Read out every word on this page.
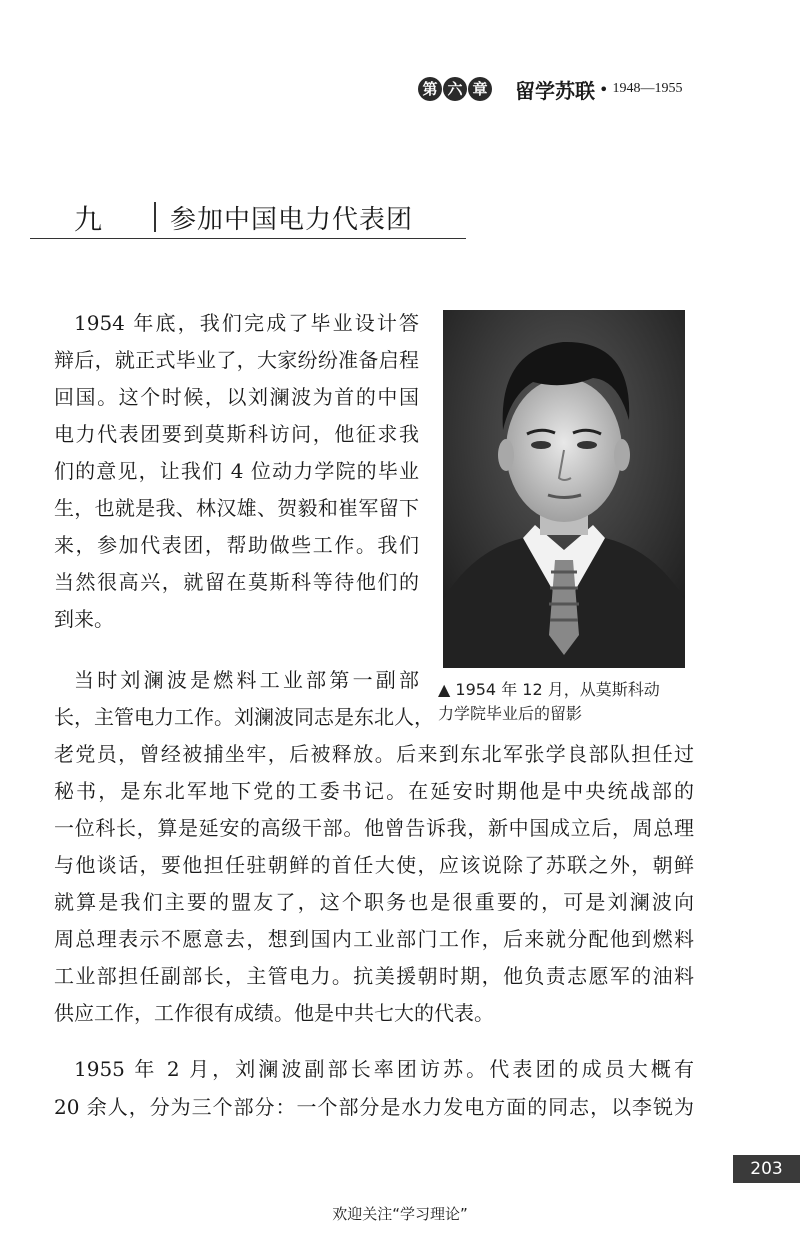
第 六 章 留学苏联 • 1948—1955
九	参加中国电力代表团
▲ 1954 年 12 月，从莫斯科动
力学院毕业后的留影
1954 年底，我们完成了毕业设计答
辩后，就正式毕业了，大家纷纷准备启程
回国。这个时候，以刘澜波为首的中国
电力代表团要到莫斯科访问，他征求我
们的意见，让我们 4 位动力学院的毕业
生，也就是我、林汉雄、贺毅和崔军留下
来，参加代表团，帮助做些工作。我们
当然很高兴，就留在莫斯科等待他们的
到来。
当时刘澜波是燃料工业部第一副部
长，主管电力工作。刘澜波同志是东北人，
老党员，曾经被捕坐牢，后被释放。后来到东北军张学良部队担任过
秘书，是东北军地下党的工委书记。在延安时期他是中央统战部的
一位科长，算是延安的高级干部。他曾告诉我，新中国成立后，周总理
与他谈话，要他担任驻朝鲜的首任大使，应该说除了苏联之外，朝鲜
就算是我们主要的盟友了，这个职务也是很重要的，可是刘澜波向
周总理表示不愿意去，想到国内工业部门工作，后来就分配他到燃料
工业部担任副部长，主管电力。抗美援朝时期，他负责志愿军的油料
供应工作，工作很有成绩。他是中共七大的代表。
1955 年 2 月，刘澜波副部长率团访苏。代表团的成员大概有
20 余人，分为三个部分：一个部分是水力发电方面的同志，以李锐为
203
欢迎关注“学习理论”
